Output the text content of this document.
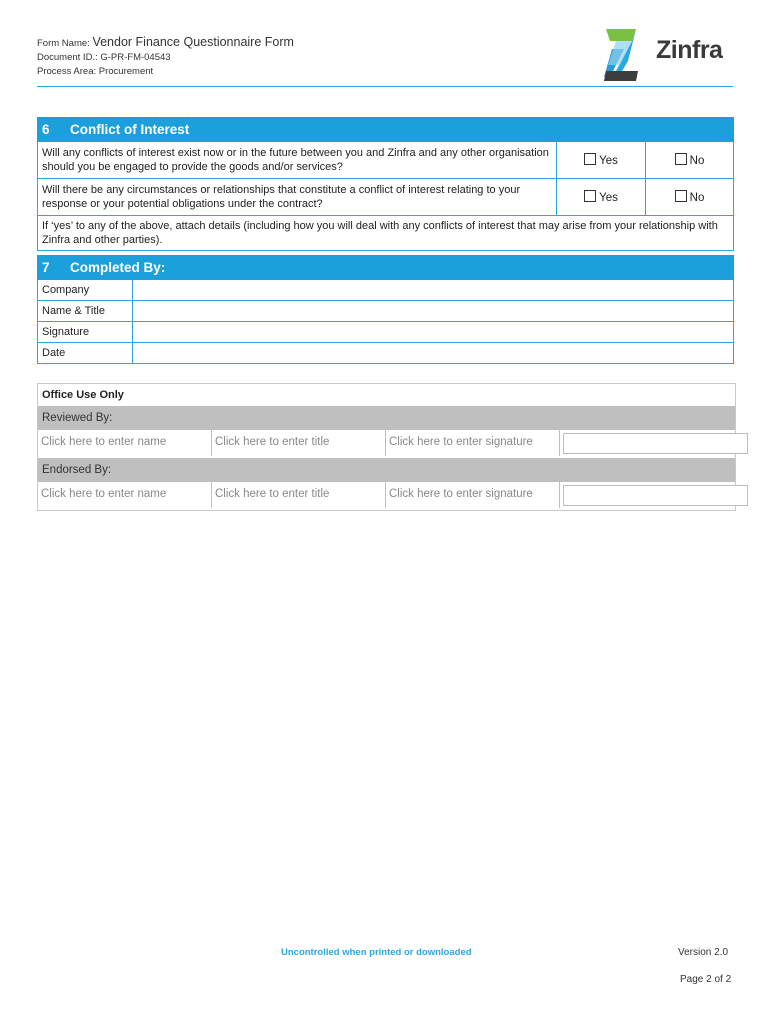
Form Name: Vendor Finance Questionnaire Form
Document ID.: G-PR-FM-04543
Process Area: Procurement
Zinfra
6 Conflict of Interest		
Will any conflicts of interest exist now or in the future between you and Zinfra and any other organisation should you be engaged to provide the goods and/or services?	Yes	No
Will there be any circumstances or relationships that constitute a conflict of interest relating to your response or your potential obligations under the contract?	Yes	No
If ‘yes’ to any of the above, attach details (including how you will deal with any conflicts of interest that may arise from your relationship with Zinfra and other parties).		
7 Completed By:	
Company	
Name & Title	
Signature	
Date	
Office Use Only
Reviewed By:
Click here to enter name	Click here to enter title	Click here to enter signature
Endorsed By:
Click here to enter name	Click here to enter title	Click here to enter signature
Uncontrolled when printed or downloaded	Version 2.0
Page 2 of 2
